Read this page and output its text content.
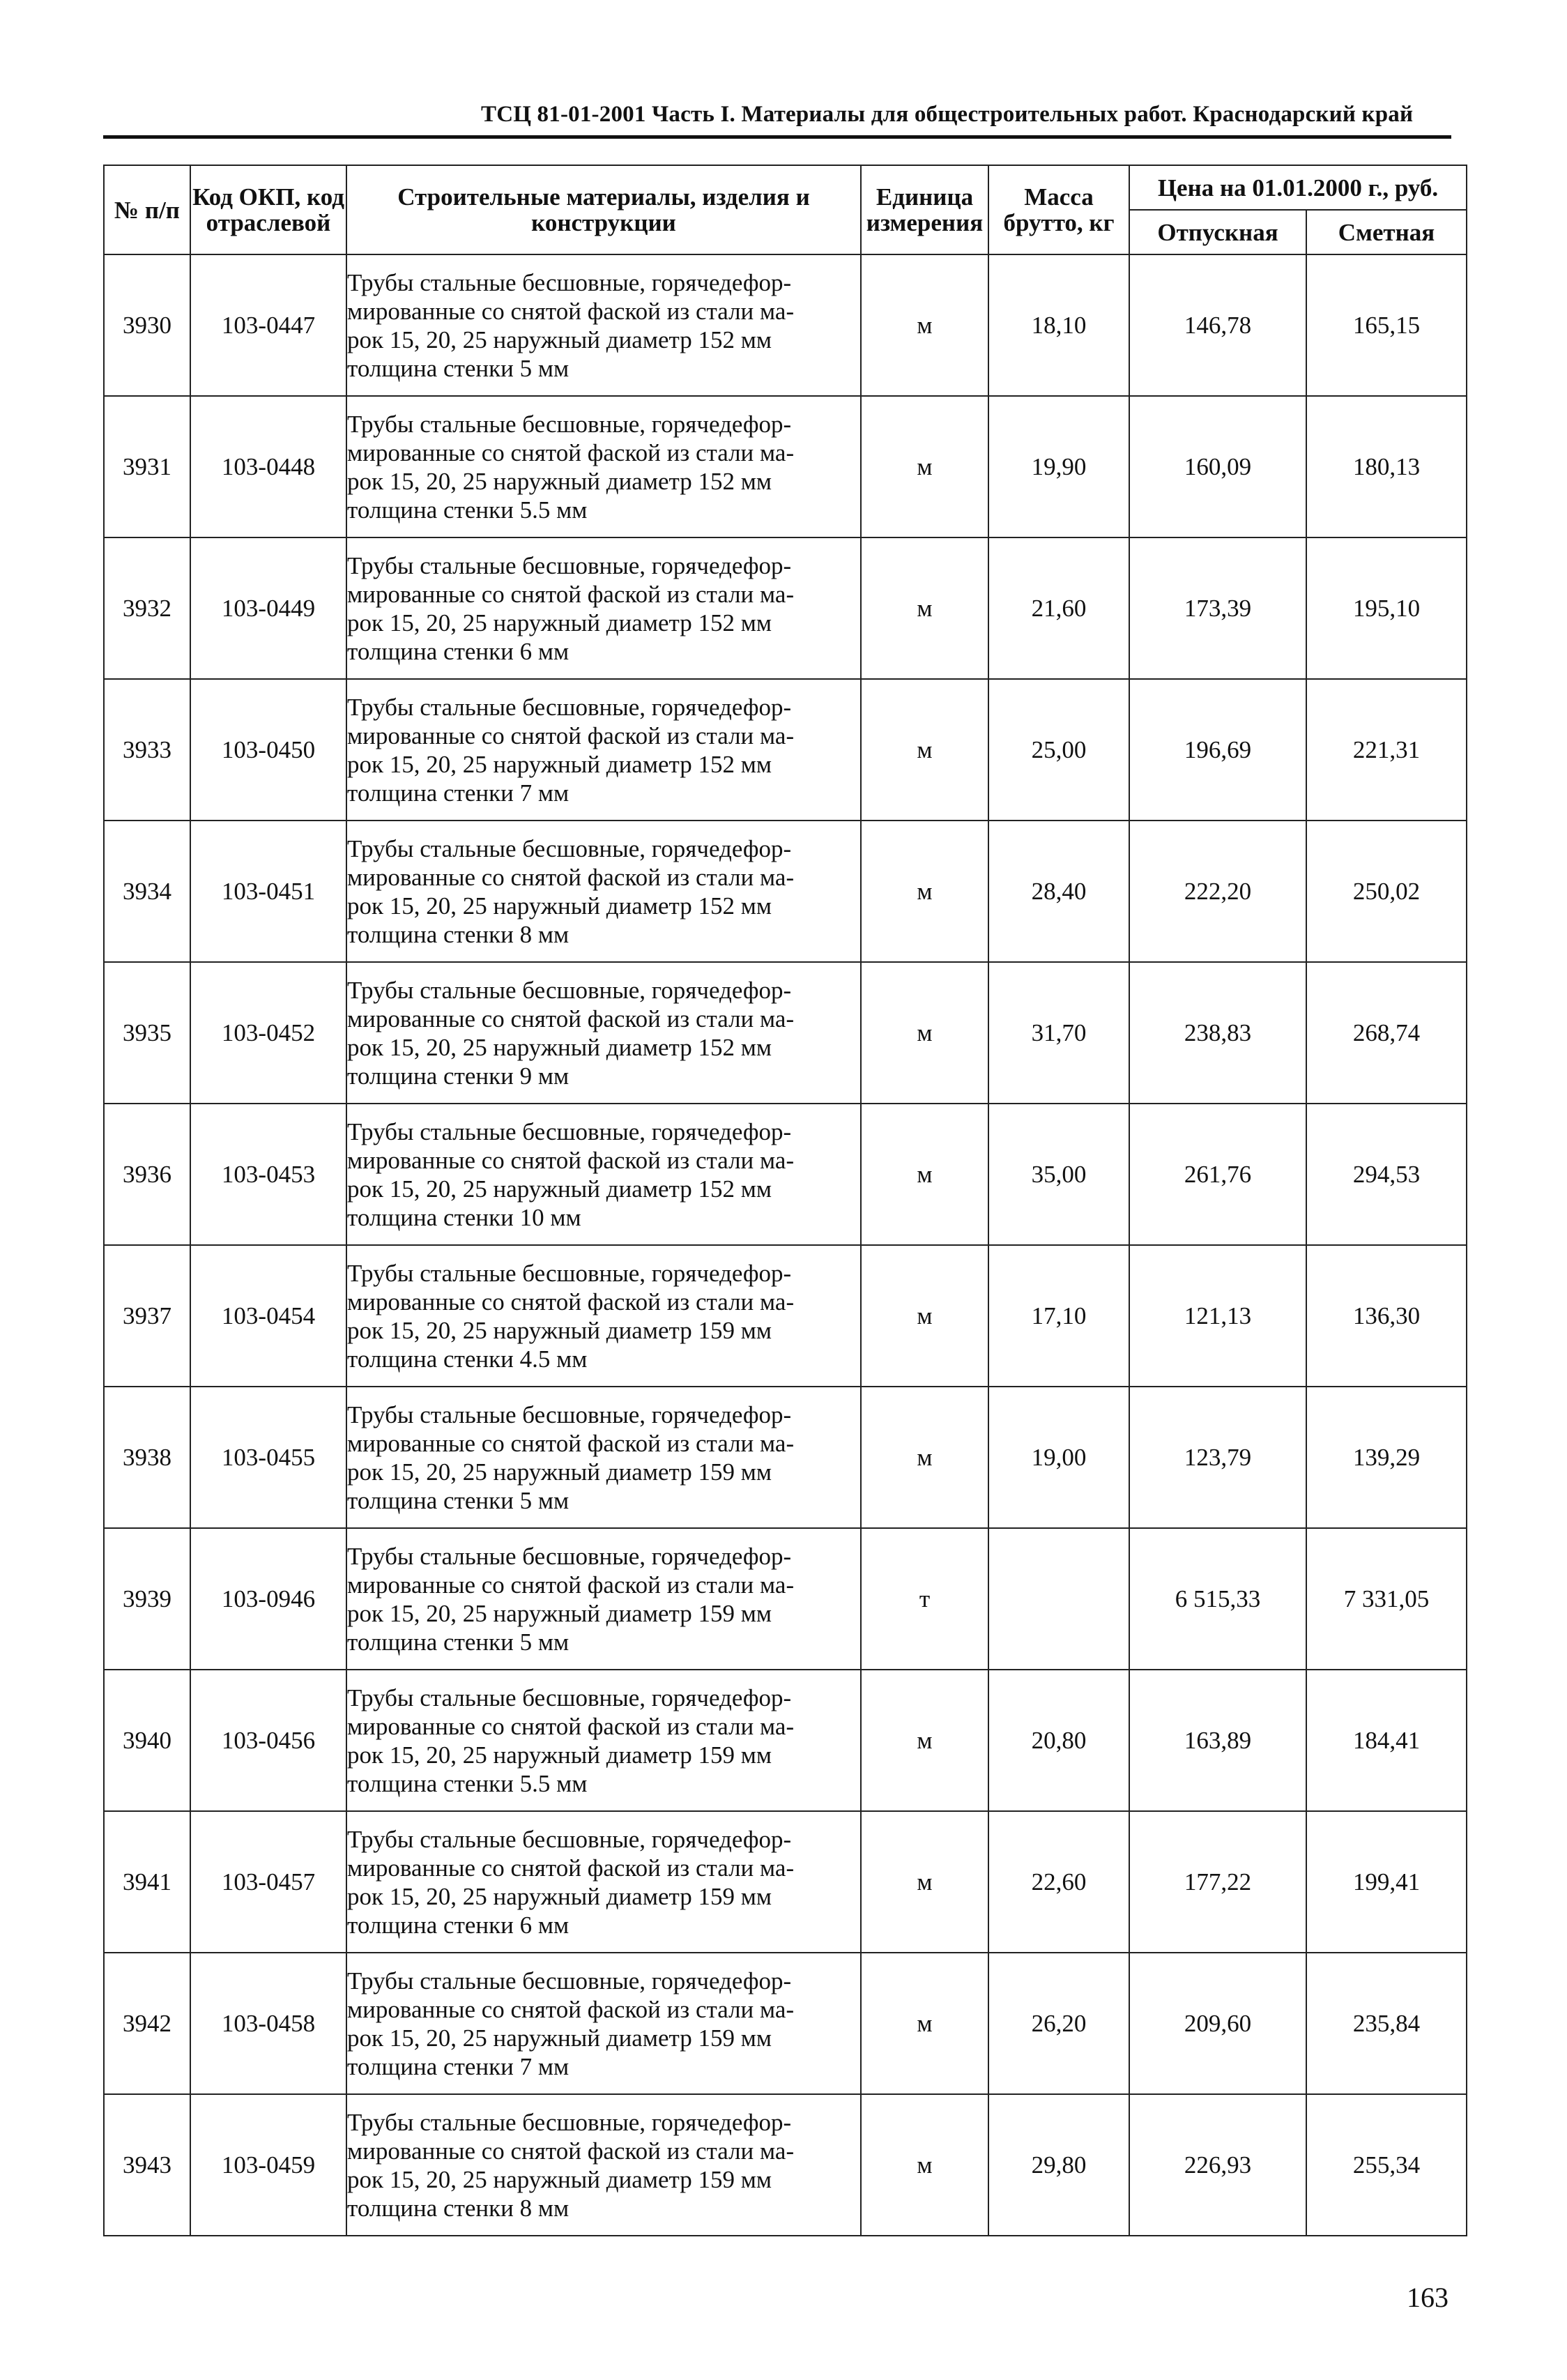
ТСЦ 81-01-2001 Часть I. Материалы для общестроительных работ. Краснодарский край
№ п/п	Код ОКП, код отраслевой	Строительные материалы, изделия и конструкции	Единица измерения	Масса брутто, кг	Цена на 01.01.2000 г., руб.	
					Отпускная	Сметная
3930	103-0447	Трубы стальные бесшовные, горячедефор-
мированные со снятой фаской из стали ма-
рок 15, 20, 25 наружный диаметр 152 мм
толщина стенки 5 мм	м	18,10	146,78	165,15
3931	103-0448	Трубы стальные бесшовные, горячедефор-
мированные со снятой фаской из стали ма-
рок 15, 20, 25 наружный диаметр 152 мм
толщина стенки 5.5 мм	м	19,90	160,09	180,13
3932	103-0449	Трубы стальные бесшовные, горячедефор-
мированные со снятой фаской из стали ма-
рок 15, 20, 25 наружный диаметр 152 мм
толщина стенки 6 мм	м	21,60	173,39	195,10
3933	103-0450	Трубы стальные бесшовные, горячедефор-
мированные со снятой фаской из стали ма-
рок 15, 20, 25 наружный диаметр 152 мм
толщина стенки 7 мм	м	25,00	196,69	221,31
3934	103-0451	Трубы стальные бесшовные, горячедефор-
мированные со снятой фаской из стали ма-
рок 15, 20, 25 наружный диаметр 152 мм
толщина стенки 8 мм	м	28,40	222,20	250,02
3935	103-0452	Трубы стальные бесшовные, горячедефор-
мированные со снятой фаской из стали ма-
рок 15, 20, 25 наружный диаметр 152 мм
толщина стенки 9 мм	м	31,70	238,83	268,74
3936	103-0453	Трубы стальные бесшовные, горячедефор-
мированные со снятой фаской из стали ма-
рок 15, 20, 25 наружный диаметр 152 мм
толщина стенки 10 мм	м	35,00	261,76	294,53
3937	103-0454	Трубы стальные бесшовные, горячедефор-
мированные со снятой фаской из стали ма-
рок 15, 20, 25 наружный диаметр 159 мм
толщина стенки 4.5 мм	м	17,10	121,13	136,30
3938	103-0455	Трубы стальные бесшовные, горячедефор-
мированные со снятой фаской из стали ма-
рок 15, 20, 25 наружный диаметр 159 мм
толщина стенки 5 мм	м	19,00	123,79	139,29
3939	103-0946	Трубы стальные бесшовные, горячедефор-
мированные со снятой фаской из стали ма-
рок 15, 20, 25 наружный диаметр 159 мм
толщина стенки 5 мм	т		6 515,33	7 331,05
3940	103-0456	Трубы стальные бесшовные, горячедефор-
мированные со снятой фаской из стали ма-
рок 15, 20, 25 наружный диаметр 159 мм
толщина стенки 5.5 мм	м	20,80	163,89	184,41
3941	103-0457	Трубы стальные бесшовные, горячедефор-
мированные со снятой фаской из стали ма-
рок 15, 20, 25 наружный диаметр 159 мм
толщина стенки 6 мм	м	22,60	177,22	199,41
3942	103-0458	Трубы стальные бесшовные, горячедефор-
мированные со снятой фаской из стали ма-
рок 15, 20, 25 наружный диаметр 159 мм
толщина стенки 7 мм	м	26,20	209,60	235,84
3943	103-0459	Трубы стальные бесшовные, горячедефор-
мированные со снятой фаской из стали ма-
рок 15, 20, 25 наружный диаметр 159 мм
толщина стенки 8 мм	м	29,80	226,93	255,34
163
